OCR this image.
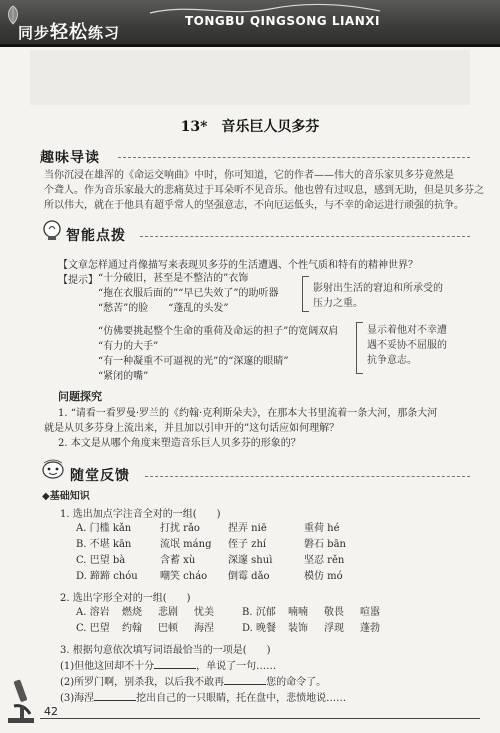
同步轻松练习
TONGBU QINGSONG LIANXI
13*　音乐巨人贝多芬
趣味导读
当你沉浸在雄浑的《命运交响曲》中时，你可知道，它的作者——伟大的音乐家贝多芬竟然是
个聋人。作为音乐家最大的悲痛莫过于耳朵听不见音乐。他也曾有过叹息，感到无助，但是贝多芬之
所以伟大，就在于他具有超乎常人的坚强意志，不向厄运低头，与不幸的命运进行顽强的抗争。
智能点拨
【文章怎样通过肖像描写来表现贝多芬的生活遭遇、个性气质和特有的精神世界？
【提示】 “十分破旧，甚至是不整洁的”衣饰
“拖在衣服后面的”“早已失效了”的助听器
“愁苦”的脸　　“蓬乱的头发”
影射出生活的窘迫和所承受的
压力之重。
“仿佛要挑起整个生命的重荷及命运的担子”的宽阔双肩
“有力的大手”
“有一种凝重不可逼视的光”的“深邃的眼睛”
“紧闭的嘴”
显示着他对不幸遭
遇不妥协不屈服的
抗争意志。
问题探究
1. “请看一看罗曼·罗兰的《约翰·克利斯朵夫》，在那本大书里流着一条大河，那条大河
就是从贝多芬身上流出来，并且加以引申开的”这句话应如何理解？
2. 本文是从哪个角度来塑造音乐巨人贝多芬的形象的？
随堂反馈
◆基础知识
1. 选出加点字注音全对的一组(　　)
A. 门槛 kǎn	打扰 rǎo	捏弄 niē	重荷 hé
B. 不堪 kān	流氓 máng	侄子 zhí	磐石 bān
C. 巴望 bà	含蓄 xù	深邃 shuì	坚忍 rěn
D. 蹄蹄 chóu	嘲笑 cháo	倒霉 dǎo	模仿 mó
2. 选出字形全对的一组(　　)
A. 溶岩	燃烧	悲剧	忧美	B. 沉郁	喃喃	敬畏	喧嚣
C. 巴望	约翰	巴顿	海涅	D. 晚餐	装饰	浮现	蓬勃
3. 根据句意依次填写词语最恰当的一项是(　　)
(1)但他这回却不十分	，单说了一句……
(2)所罗门啊，别杀我，以后我不敢再	您的命令了。
(3)海涅	挖出自己的一只眼睛，托在盘中，悲愤地说……
42
